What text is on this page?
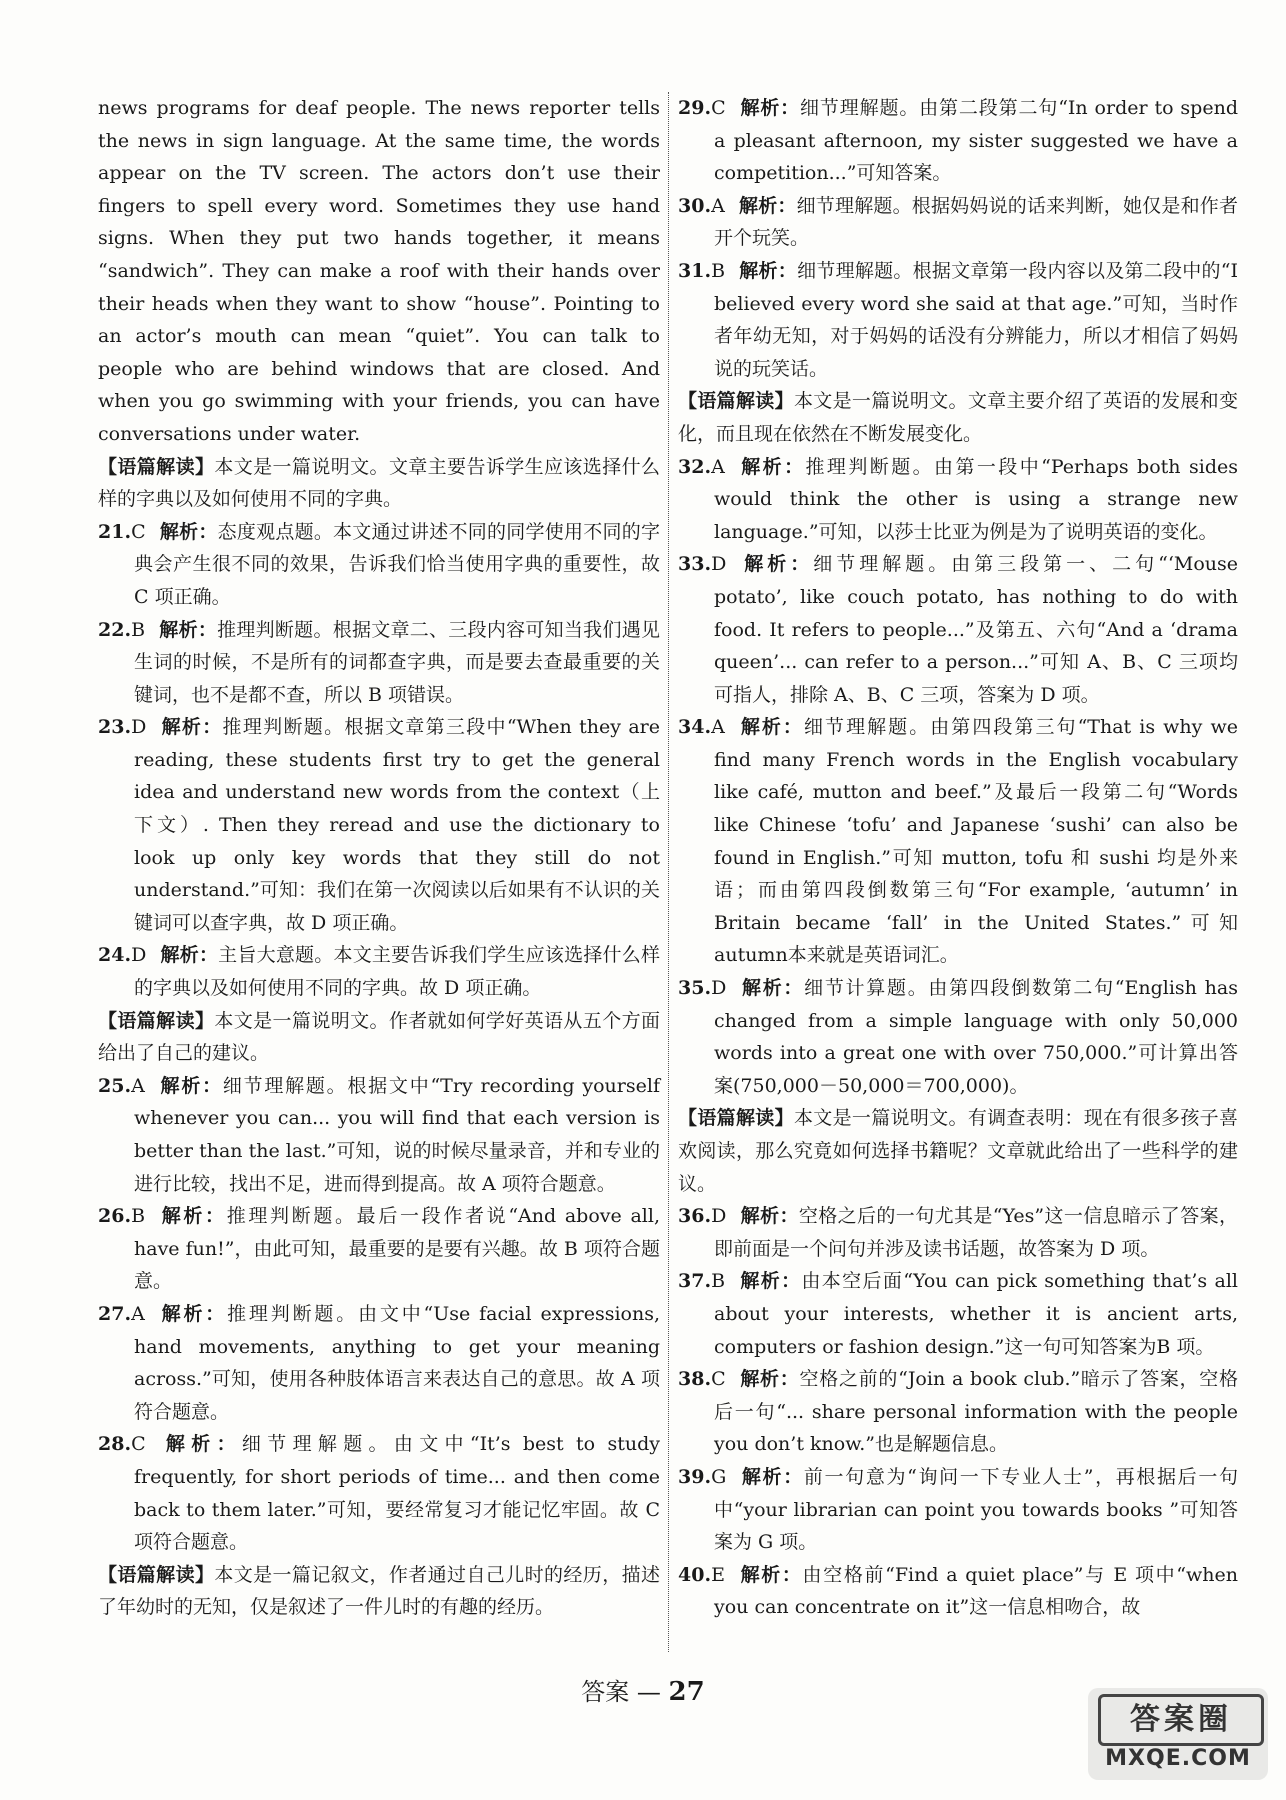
news programs for deaf people. The news reporter tells the news in sign language. At the same time, the words appear on the TV screen. The actors don’t use their fingers to spell every word. Sometimes they use hand signs. When they put two hands together, it means “sandwich”. They can make a roof with their hands over their heads when they want to show “house”. Pointing to an actor’s mouth can mean “quiet”. You can talk to people who are behind windows that are closed. And when you go swimming with your friends, you can have conversations under water.

【语篇解读】本文是一篇说明文。文章主要告诉学生应该选择什么样的字典以及如何使用不同的字典。

21.C 解析：态度观点题。本文通过讲述不同的同学使用不同的字典会产生很不同的效果，告诉我们恰当使用字典的重要性，故 C 项正确。

22.B 解析：推理判断题。根据文章二、三段内容可知当我们遇见生词的时候，不是所有的词都查字典，而是要去查最重要的关键词，也不是都不查，所以 B 项错误。

23.D 解析：推理判断题。根据文章第三段中“When they are reading, these students first try to get the general idea and understand new words from the context（上下文）. Then they reread and use the dictionary to look up only key words that they still do not understand.”可知：我们在第一次阅读以后如果有不认识的关键词可以查字典，故 D 项正确。

24.D 解析：主旨大意题。本文主要告诉我们学生应该选择什么样的字典以及如何使用不同的字典。故 D 项正确。

【语篇解读】本文是一篇说明文。作者就如何学好英语从五个方面给出了自己的建议。

25.A 解析：细节理解题。根据文中“Try recording yourself whenever you can... you will find that each version is better than the last.”可知，说的时候尽量录音，并和专业的进行比较，找出不足，进而得到提高。故 A 项符合题意。

26.B 解析：推理判断题。最后一段作者说“And above all, have fun!”，由此可知，最重要的是要有兴趣。故 B 项符合题意。

27.A 解析：推理判断题。由文中“Use facial expressions, hand movements, anything to get your meaning across.”可知，使用各种肢体语言来表达自己的意思。故 A 项符合题意。

28.C 解析：细节理解题。由文中“It’s best to study frequently, for short periods of time... and then come back to them later.”可知，要经常复习才能记忆牢固。故 C 项符合题意。

【语篇解读】本文是一篇记叙文，作者通过自己儿时的经历，描述了年幼时的无知，仅是叙述了一件儿时的有趣的经历。

29.C 解析：细节理解题。由第二段第二句“In order to spend a pleasant afternoon, my sister suggested we have a competition...”可知答案。

30.A 解析：细节理解题。根据妈妈说的话来判断，她仅是和作者开个玩笑。

31.B 解析：细节理解题。根据文章第一段内容以及第二段中的“I believed every word she said at that age.”可知，当时作者年幼无知，对于妈妈的话没有分辨能力，所以才相信了妈妈说的玩笑话。

【语篇解读】本文是一篇说明文。文章主要介绍了英语的发展和变化，而且现在依然在不断发展变化。

32.A 解析：推理判断题。由第一段中“Perhaps both sides would think the other is using a strange new language.”可知，以莎士比亚为例是为了说明英语的变化。

33.D 解析：细节理解题。由第三段第一、二句“‘Mouse potato’, like couch potato, has nothing to do with food. It refers to people...”及第五、六句“And a ‘drama queen’... can refer to a person...”可知 A、B、C 三项均可指人，排除 A、B、C 三项，答案为 D 项。

34.A 解析：细节理解题。由第四段第三句“That is why we find many French words in the English vocabulary like café, mutton and beef.”及最后一段第二句“Words like Chinese ‘tofu’ and Japanese ‘sushi’ can also be found in English.”可知 mutton, tofu 和 sushi 均是外来语；而由第四段倒数第三句“For example, ‘autumn’ in Britain became ‘fall’ in the United States.”可知 autumn本来就是英语词汇。

35.D 解析：细节计算题。由第四段倒数第二句“English has changed from a simple language with only 50,000 words into a great one with over 750,000.”可计算出答案(750,000－50,000＝700,000)。

【语篇解读】本文是一篇说明文。有调查表明：现在有很多孩子喜欢阅读，那么究竟如何选择书籍呢？文章就此给出了一些科学的建议。

36.D 解析：空格之后的一句尤其是“Yes”这一信息暗示了答案，即前面是一个问句并涉及读书话题，故答案为 D 项。

37.B 解析：由本空后面“You can pick something that’s all about your interests, whether it is ancient arts, computers or fashion design.”这一句可知答案为B 项。

38.C 解析：空格之前的“Join a book club.”暗示了答案，空格后一句“... share personal information with the people you don’t know.”也是解题信息。

39.G 解析：前一句意为“询问一下专业人士”，再根据后一句中“your librarian can point you towards books ”可知答案为 G 项。

40.E 解析：由空格前“Find a quiet place”与 E 项中“when you can concentrate on it”这一信息相吻合，故

答案 — 27
答案圈
MXQE.COM
